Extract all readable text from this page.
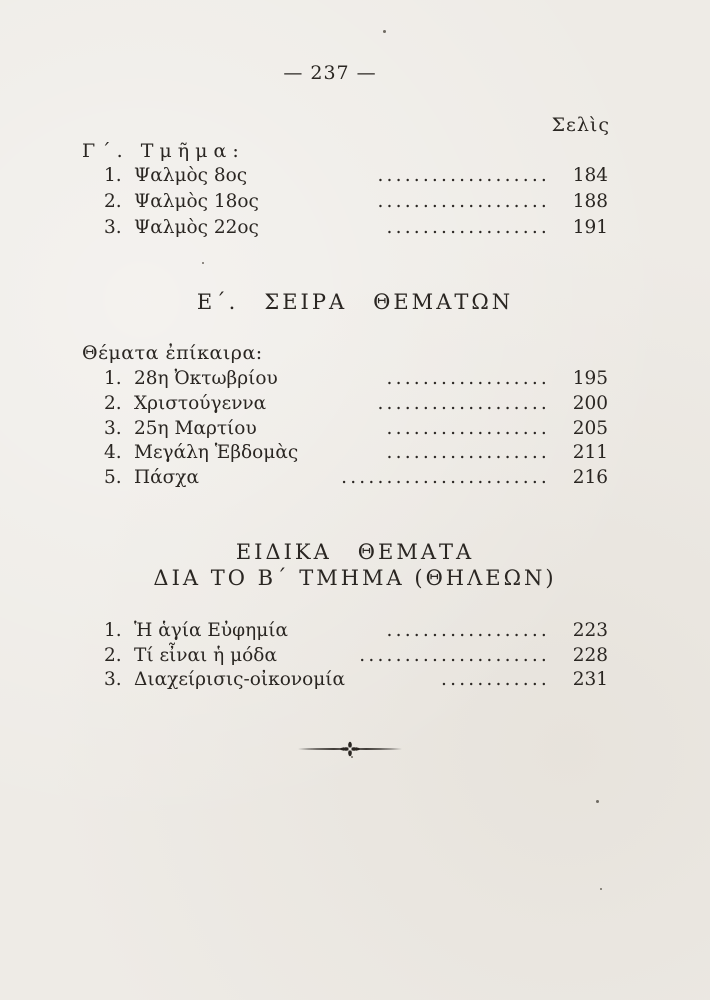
— 237 —
Σελὶς
Γ΄. Τμῆμα:
1. Ψαλμὸς 8ος	................... 184
2. Ψαλμὸς 18ος	................... 188
3. Ψαλμὸς 22ος	.................. 191
Ε΄. ΣΕΙΡΑ ΘΕΜΑΤΩΝ
Θέματα ἐπίκαιρα:
1. 28η Ὀκτωβρίου	.................. 195
2. Χριστούγεννα	................... 200
3. 25η Μαρτίου	.................. 205
4. Μεγάλη Ἑβδομὰς	.................. 211
5. Πάσχα	....................... 216
ΕΙΔΙΚΑ ΘΕΜΑΤΑ
ΔΙΑ ΤΟ Β΄ ΤΜΗΜΑ (ΘΗΛΕΩΝ)
1. Ἡ ἁγία Εὐφημία	.................. 223
2. Τί εἶναι ἡ μόδα	..................... 228
3. Διαχείρισις-οἰκονομία	............ 231
